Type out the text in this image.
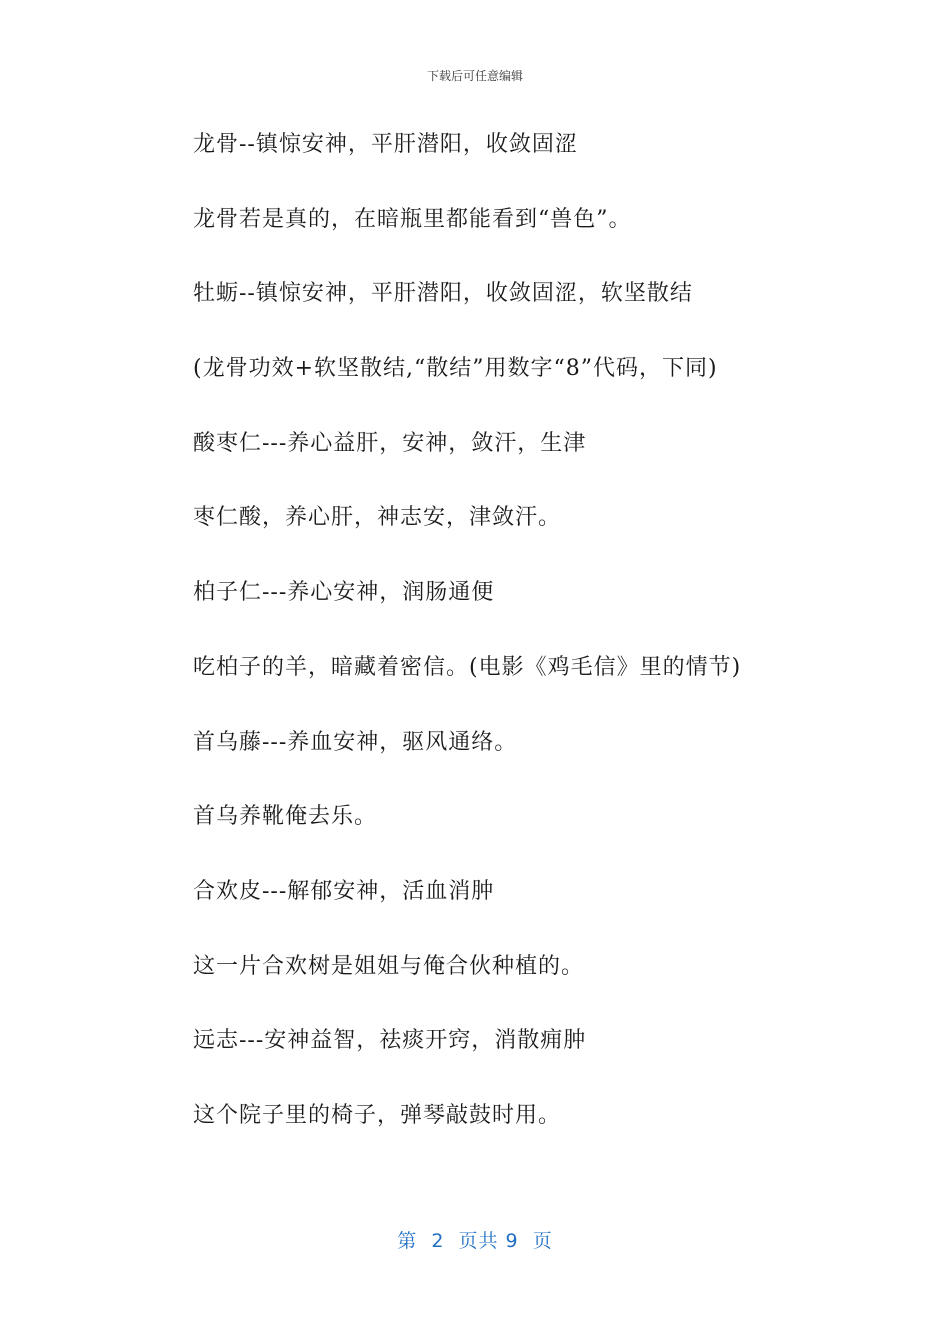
下载后可任意编辑
龙骨--镇惊安神，平肝潜阳，收敛固涩
龙骨若是真的，在暗瓶里都能看到“兽色”。
牡蛎--镇惊安神，平肝潜阳，收敛固涩，软坚散结
(龙骨功效+软坚散结,“散结”用数字“8”代码，下同)
酸枣仁---养心益肝，安神，敛汗，生津
枣仁酸，养心肝，神志安，津敛汗。
柏子仁---养心安神，润肠通便
吃柏子的羊，暗藏着密信。(电影《鸡毛信》里的情节)
首乌藤---养血安神，驱风通络。
首乌养靴俺去乐。
合欢皮---解郁安神，活血消肿
这一片合欢树是姐姐与俺合伙种植的。
远志---安神益智，祛痰开窍，消散痈肿
这个院子里的椅子，弹琴敲鼓时用。
第  2  页共 9  页
